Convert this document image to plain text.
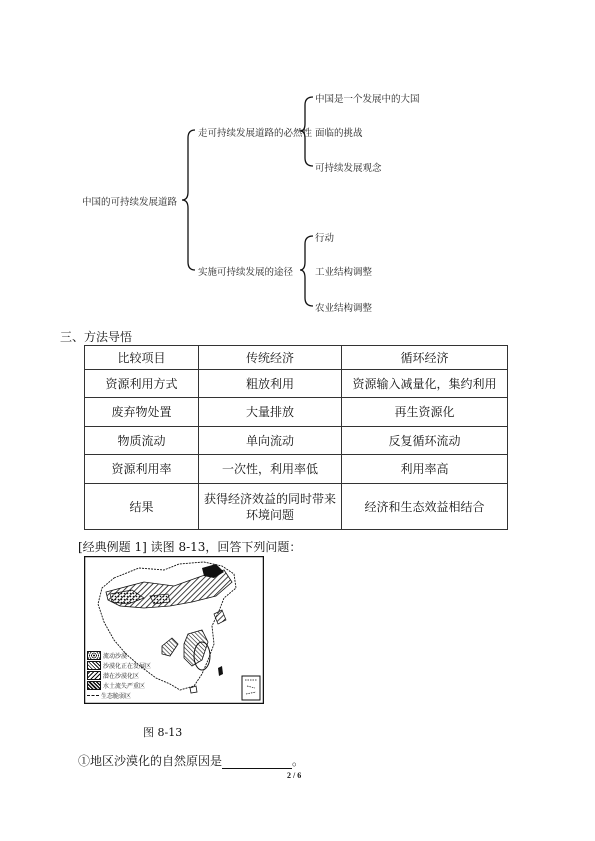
中国的可持续发展道路
走可持续发展道路的必然性
实施可持续发展的途径
中国是一个发展中的大国
面临的挑战
可持续发展观念
行动
工业结构调整
农业结构调整
三、方法导悟
比较项目	传统经济	循环经济
资源利用方式	粗放利用	资源输入减量化，集约利用
废弃物处置	大量排放	再生资源化
物质流动	单向流动	反复循环流动
资源利用率	一次性，利用率低	利用率高
结果	获得经济效益的同时带来环境问题	经济和生态效益相结合
[经典例题 1] 读图 8-13，回答下列问题：
流动沙漠
沙漠化正在发展区
潜在沙漠化区
水土流失严重区
生态脆弱区
图 8-13
①地区沙漠化的自然原因是	。
2 / 6
